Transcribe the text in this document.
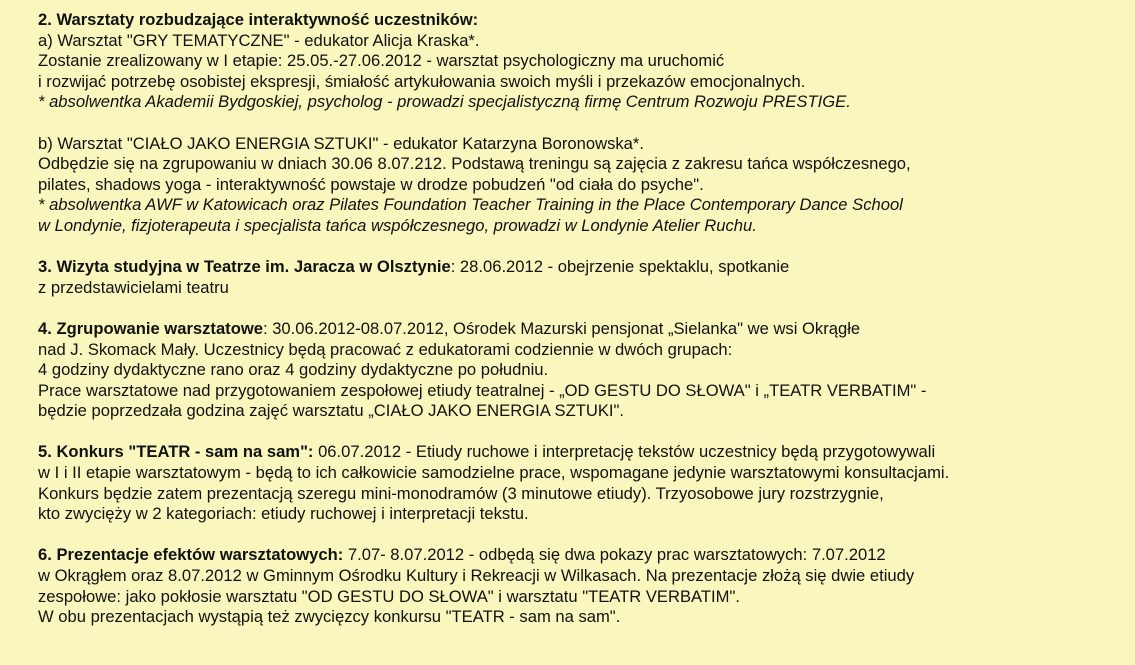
2. Warsztaty rozbudzające interaktywność uczestników:
a) Warsztat "GRY TEMATYCZNE" - edukator Alicja Kraska*.
Zostanie zrealizowany w I etapie: 25.05.-27.06.2012 - warsztat psychologiczny ma uruchomić
i rozwijać potrzebę osobistej ekspresji, śmiałość artykułowania swoich myśli i przekazów emocjonalnych.
* absolwentka Akademii Bydgoskiej, psycholog - prowadzi specjalistyczną firmę Centrum Rozwoju PRESTIGE.
b) Warsztat "CIAŁO JAKO ENERGIA SZTUKI" - edukator Katarzyna Boronowska*.
Odbędzie się na zgrupowaniu w dniach 30.06 8.07.212. Podstawą treningu są zajęcia z zakresu tańca współczesnego,
pilates, shadows yoga - interaktywność powstaje w drodze pobudzeń "od ciała do psyche".
* absolwentka AWF w Katowicach oraz Pilates Foundation Teacher Training in the Place Contemporary Dance School
w Londynie, fizjoterapeuta i specjalista tańca współczesnego, prowadzi w Londynie Atelier Ruchu.
3. Wizyta studyjna w Teatrze im. Jaracza w Olsztynie: 28.06.2012 - obejrzenie spektaklu, spotkanie
z przedstawicielami teatru
4. Zgrupowanie warsztatowe: 30.06.2012-08.07.2012, Ośrodek Mazurski pensjonat „Sielanka" we wsi Okrągłe
nad J. Skomack Mały. Uczestnicy będą pracować z edukatorami codziennie w dwóch grupach:
4 godziny dydaktyczne rano oraz 4 godziny dydaktyczne po południu.
Prace warsztatowe nad przygotowaniem zespołowej etiudy teatralnej - „OD GESTU DO SŁOWA" i „TEATR VERBATIM" -
będzie poprzedzała godzina zajęć warsztatu „CIAŁO JAKO ENERGIA SZTUKI".
5. Konkurs "TEATR - sam na sam": 06.07.2012 - Etiudy ruchowe i interpretację tekstów uczestnicy będą przygotowywali
w I i II etapie warsztatowym - będą to ich całkowicie samodzielne prace, wspomagane jedynie warsztatowymi konsultacjami.
Konkurs będzie zatem prezentacją szeregu mini-monodramów (3 minutowe etiudy). Trzyosobowe jury rozstrzygnie,
kto zwycięży w 2 kategoriach: etiudy ruchowej i interpretacji tekstu.
6. Prezentacje efektów warsztatowych: 7.07- 8.07.2012 - odbędą się dwa pokazy prac warsztatowych: 7.07.2012
w Okrągłem oraz 8.07.2012 w Gminnym Ośrodku Kultury i Rekreacji w Wilkasach. Na prezentacje złożą się dwie etiudy
zespołowe: jako pokłosie warsztatu "OD GESTU DO SŁOWA" i warsztatu "TEATR VERBATIM".
W obu prezentacjach wystąpią też zwycięzcy konkursu "TEATR - sam na sam".
